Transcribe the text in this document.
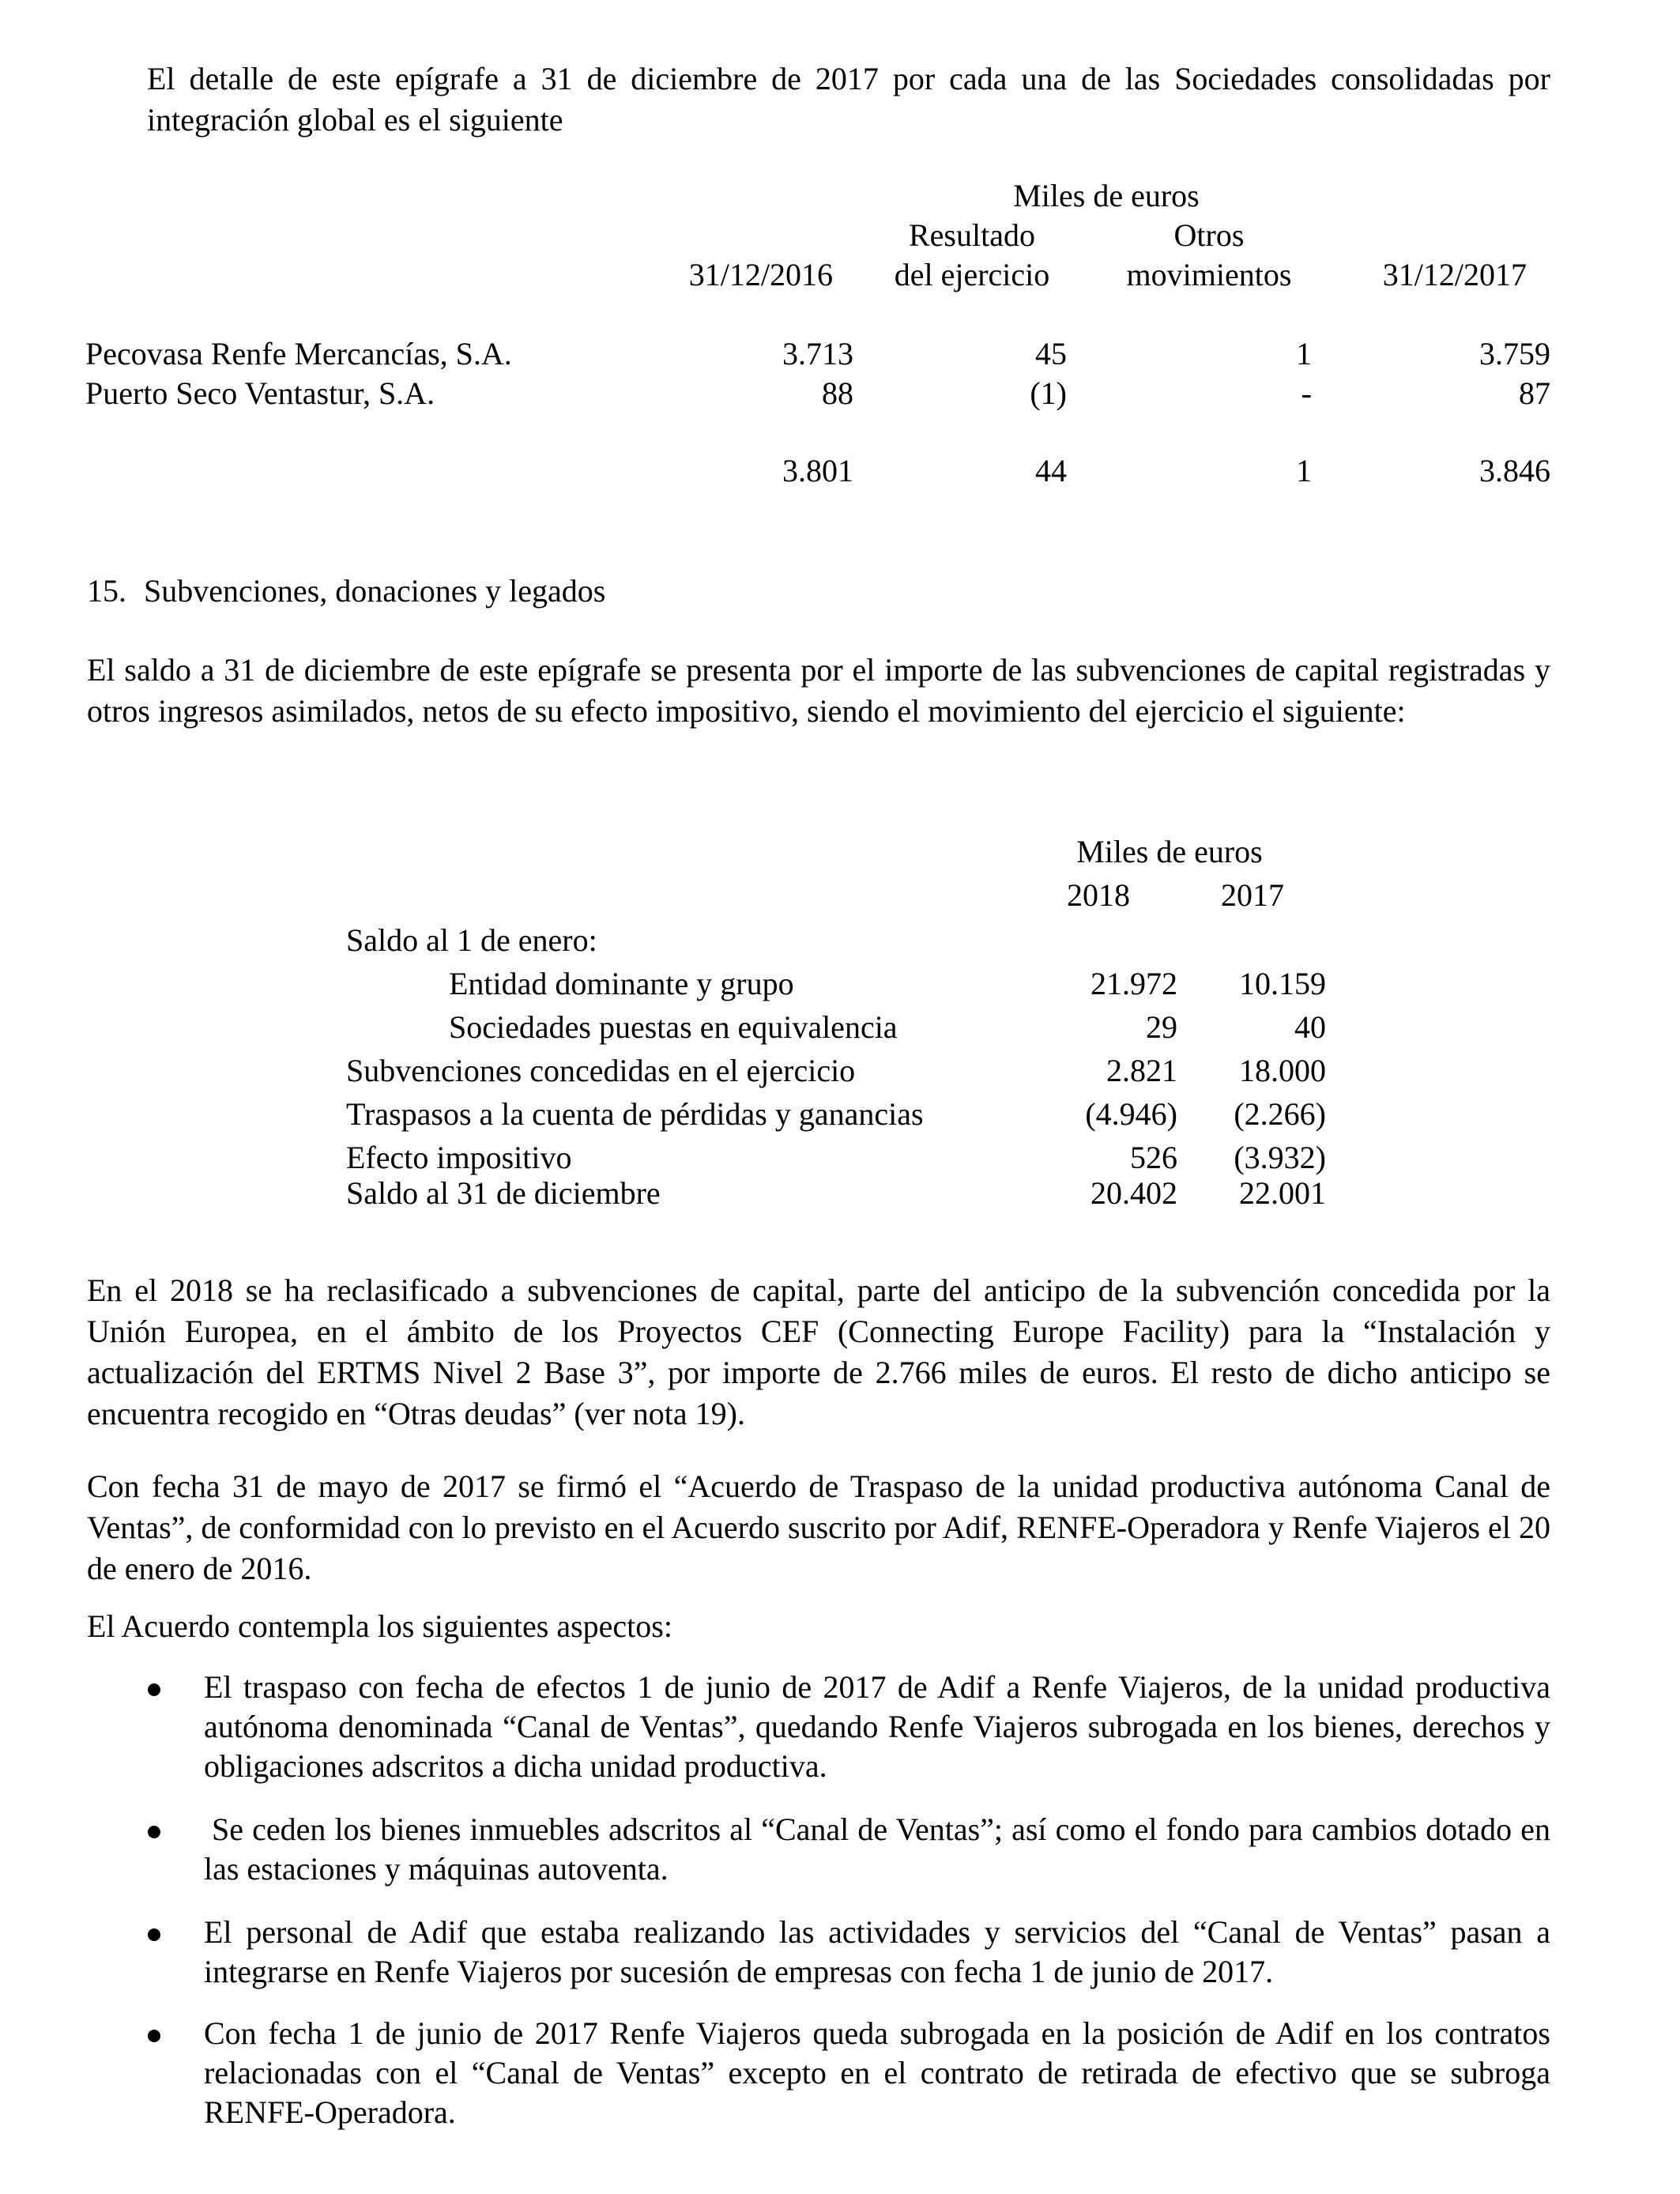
El detalle de este epígrafe a 31 de diciembre de 2017 por cada una de las Sociedades consolidadas por integración global es el siguiente

Miles de euros
Resultado	Otros
31/12/2016	del ejercicio	movimientos	31/12/2017
Pecovasa Renfe Mercancías, S.A.	3.713	45	1	3.759
Puerto Seco Ventastur, S.A.	88	(1)	-	87
3.801	44	1	3.846
15. Subvenciones, donaciones y legados

El saldo a 31 de diciembre de este epígrafe se presenta por el importe de las subvenciones de capital registradas y otros ingresos asimilados, netos de su efecto impositivo, siendo el movimiento del ejercicio el siguiente:

Miles de euros
2018	2017
Saldo al 1 de enero:
Entidad dominante y grupo	21.972	10.159
Sociedades puestas en equivalencia	29	40
Subvenciones concedidas en el ejercicio	2.821	18.000
Traspasos a la cuenta de pérdidas y ganancias	(4.946)	(2.266)
Efecto impositivo	526	(3.932)
Saldo al 31 de diciembre	20.402	22.001

En el 2018 se ha reclasificado a subvenciones de capital, parte del anticipo de la subvención concedida por la Unión Europea, en el ámbito de los Proyectos CEF (Connecting Europe Facility) para la “Instalación y actualización del ERTMS Nivel 2 Base 3”, por importe de 2.766 miles de euros. El resto de dicho anticipo se encuentra recogido en “Otras deudas” (ver nota 19).

Con fecha 31 de mayo de 2017 se firmó el “Acuerdo de Traspaso de la unidad productiva autónoma Canal de Ventas”, de conformidad con lo previsto en el Acuerdo suscrito por Adif, RENFE-Operadora y Renfe Viajeros el 20 de enero de 2016.

El Acuerdo contempla los siguientes aspectos:

El traspaso con fecha de efectos 1 de junio de 2017 de Adif a Renfe Viajeros, de la unidad productiva autónoma denominada “Canal de Ventas”, quedando Renfe Viajeros subrogada en los bienes, derechos y obligaciones adscritos a dicha unidad productiva.

Se ceden los bienes inmuebles adscritos al “Canal de Ventas”; así como el fondo para cambios dotado en las estaciones y máquinas autoventa.

El personal de Adif que estaba realizando las actividades y servicios del “Canal de Ventas” pasan a integrarse en Renfe Viajeros por sucesión de empresas con fecha 1 de junio de 2017.

Con fecha 1 de junio de 2017 Renfe Viajeros queda subrogada en la posición de Adif en los contratos relacionadas con el “Canal de Ventas” excepto en el contrato de retirada de efectivo que se subroga RENFE-Operadora.
